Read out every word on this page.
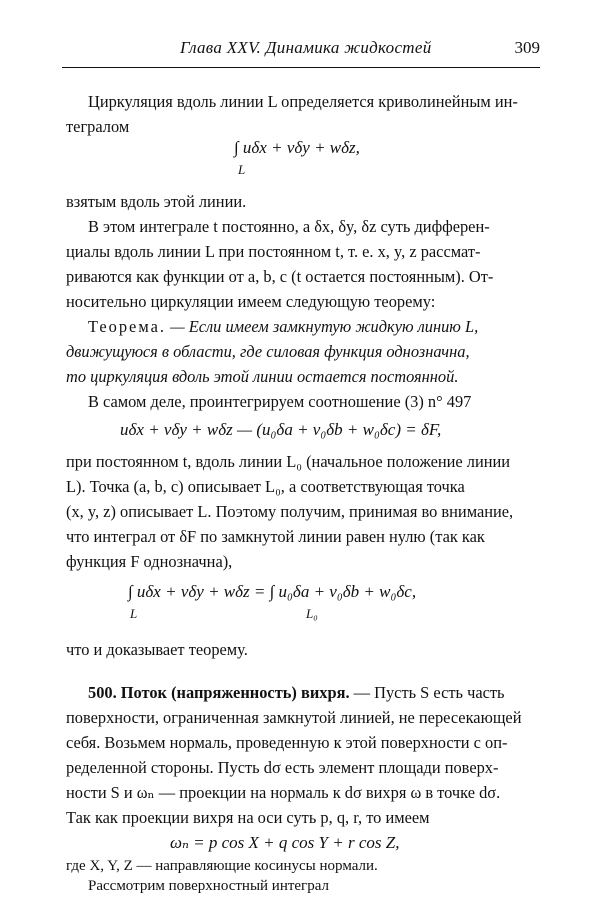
Глава XXV. Динамика жидкостей	309
Циркуляция вдоль линии L определяется криволинейным ин-
тегралом
∫ uδx + vδy + wδz,
L
взятым вдоль этой линии.
В этом интеграле t постоянно, а δx, δy, δz суть дифферен-
циалы вдоль линии L при постоянном t, т. е. x, y, z рассмат-
риваются как функции от a, b, c (t остается постоянным). От-
носительно циркуляции имеем следующую теорему:
Теорема. — Если имеем замкнутую жидкую линию L,
движущуюся в области, где силовая функция однозначна,
то циркуляция вдоль этой линии остается постоянной.
В самом деле, проинтегрируем соотношение (3) n° 497
uδx + vδy + wδz — (u₀δa + v₀δb + w₀δc) = δF,
при постоянном t, вдоль линии L₀ (начальное положение линии
L). Точка (a, b, c) описывает L₀, а соответствующая точка
(x, y, z) описывает L. Поэтому получим, принимая во внимание,
что интеграл от δF по замкнутой линии равен нулю (так как
функция F однозначна),
∫ uδx + vδy + wδz = ∫ u₀δa + v₀δb + w₀δc,
L	L₀
что и доказывает теорему.
500. Поток (напряженность) вихря. — Пусть S есть часть
поверхности, ограниченная замкнутой линией, не пересекающей
себя. Возьмем нормаль, проведенную к этой поверхности с оп-
ределенной стороны. Пусть dσ есть элемент площади поверх-
ности S и ωₙ — проекции на нормаль к dσ вихря ω в точке dσ.
Так как проекции вихря на оси суть p, q, r, то имеем
ωₙ = p cos X + q cos Y + r cos Z,
где X, Y, Z — направляющие косинусы нормали.
Рассмотрим поверхностный интеграл
